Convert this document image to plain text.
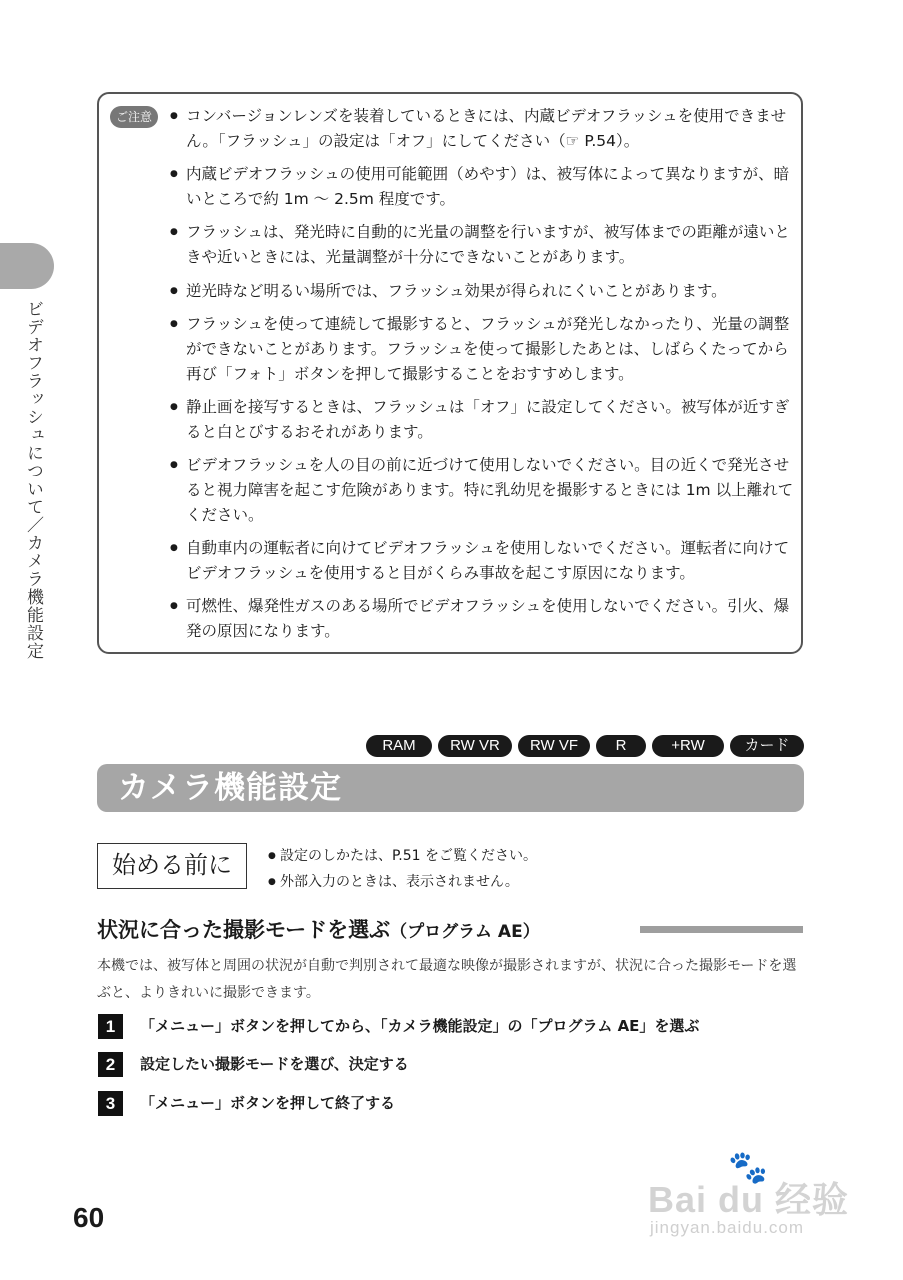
ビデオフラッシュについて／カメラ機能設定
ご注意	● コンバージョンレンズを装着しているときには、内蔵ビデオフラッシュを使用できません。「フラッシュ」の設定は「オフ」にしてください（☞ P.54）。
● 内蔵ビデオフラッシュの使用可能範囲（めやす）は、被写体によって異なりますが、暗いところで約 1m ～ 2.5m 程度です。
● フラッシュは、発光時に自動的に光量の調整を行いますが、被写体までの距離が遠いときや近いときには、光量調整が十分にできないことがあります。
● 逆光時など明るい場所では、フラッシュ効果が得られにくいことがあります。
● フラッシュを使って連続して撮影すると、フラッシュが発光しなかったり、光量の調整ができないことがあります。フラッシュを使って撮影したあとは、しばらくたってから再び「フォト」ボタンを押して撮影することをおすすめします。
● 静止画を接写するときは、フラッシュは「オフ」に設定してください。被写体が近すぎると白とびするおそれがあります。
● ビデオフラッシュを人の目の前に近づけて使用しないでください。目の近くで発光させると視力障害を起こす危険があります。特に乳幼児を撮影するときには 1m 以上離れてください。
● 自動車内の運転者に向けてビデオフラッシュを使用しないでください。運転者に向けてビデオフラッシュを使用すると目がくらみ事故を起こす原因になります。
● 可燃性、爆発性ガスのある場所でビデオフラッシュを使用しないでください。引火、爆発の原因になります。
RAM	RW VR	RW VF	R	+RW	カード
カメラ機能設定
始める前に	● 設定のしかたは、P.51 をご覧ください。
● 外部入力のときは、表示されません。
状況に合った撮影モードを選ぶ（プログラム AE）
本機では、被写体と周囲の状況が自動で判別されて最適な映像が撮影されますが、状況に合った撮影モードを選ぶと、よりきれいに撮影できます。
1	「メニュー」ボタンを押してから、「カメラ機能設定」の「プログラム AE」を選ぶ
2	設定したい撮影モードを選び、決定する
3	「メニュー」ボタンを押して終了する
60
🐾
Bai du 经验
jingyan.baidu.com
